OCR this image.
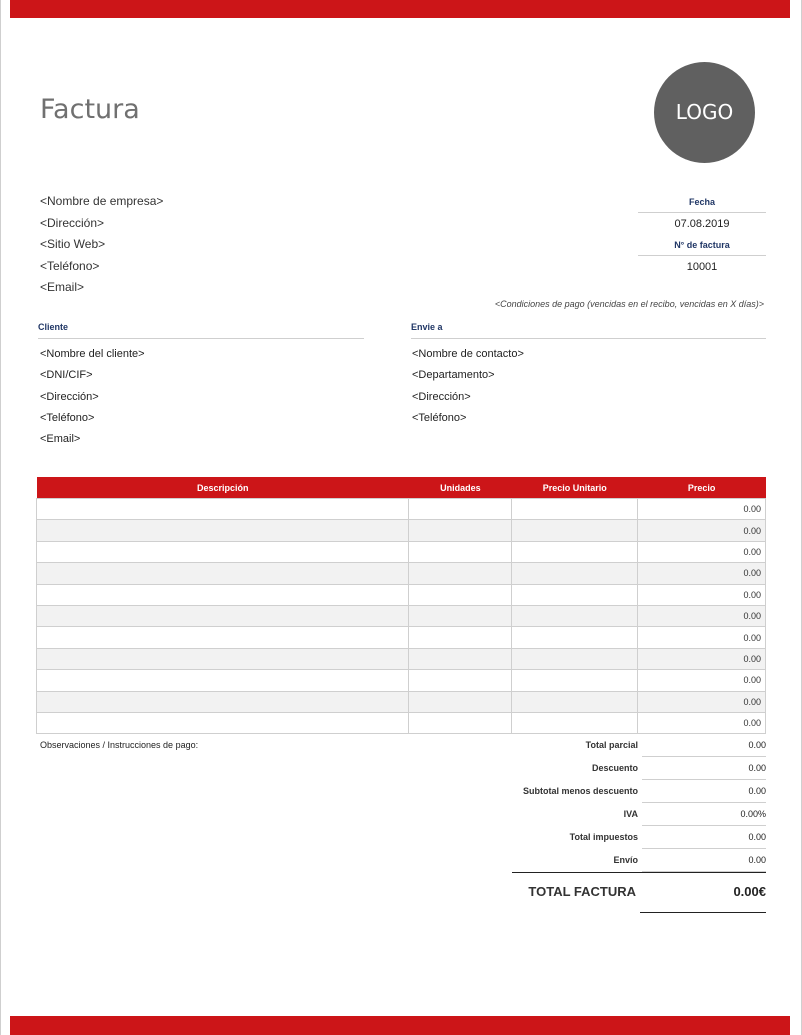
Factura	LOGO
<Nombre de empresa>
<Dirección>
<Sitio Web>
<Teléfono>
<Email>
Fecha
07.08.2019
N° de factura
10001
<Condiciones de pago (vencidas en el recibo, vencidas en X días)>
Cliente	Envie a
<Nombre del cliente>
<DNI/CIF>
<Dirección>
<Teléfono>
<Email>
<Nombre de contacto>
<Departamento>
<Dirección>
<Teléfono>
Descripción	Unidades	Precio Unitario	Precio
			0.00
			0.00
			0.00
			0.00
			0.00
			0.00
			0.00
			0.00
			0.00
			0.00
			0.00
Observaciones / Instrucciones de pago:	Total parcial	0.00
Descuento	0.00
Subtotal menos descuento	0.00
IVA	0.00%
Total impuestos	0.00
Envío	0.00
TOTAL FACTURA	0.00€
